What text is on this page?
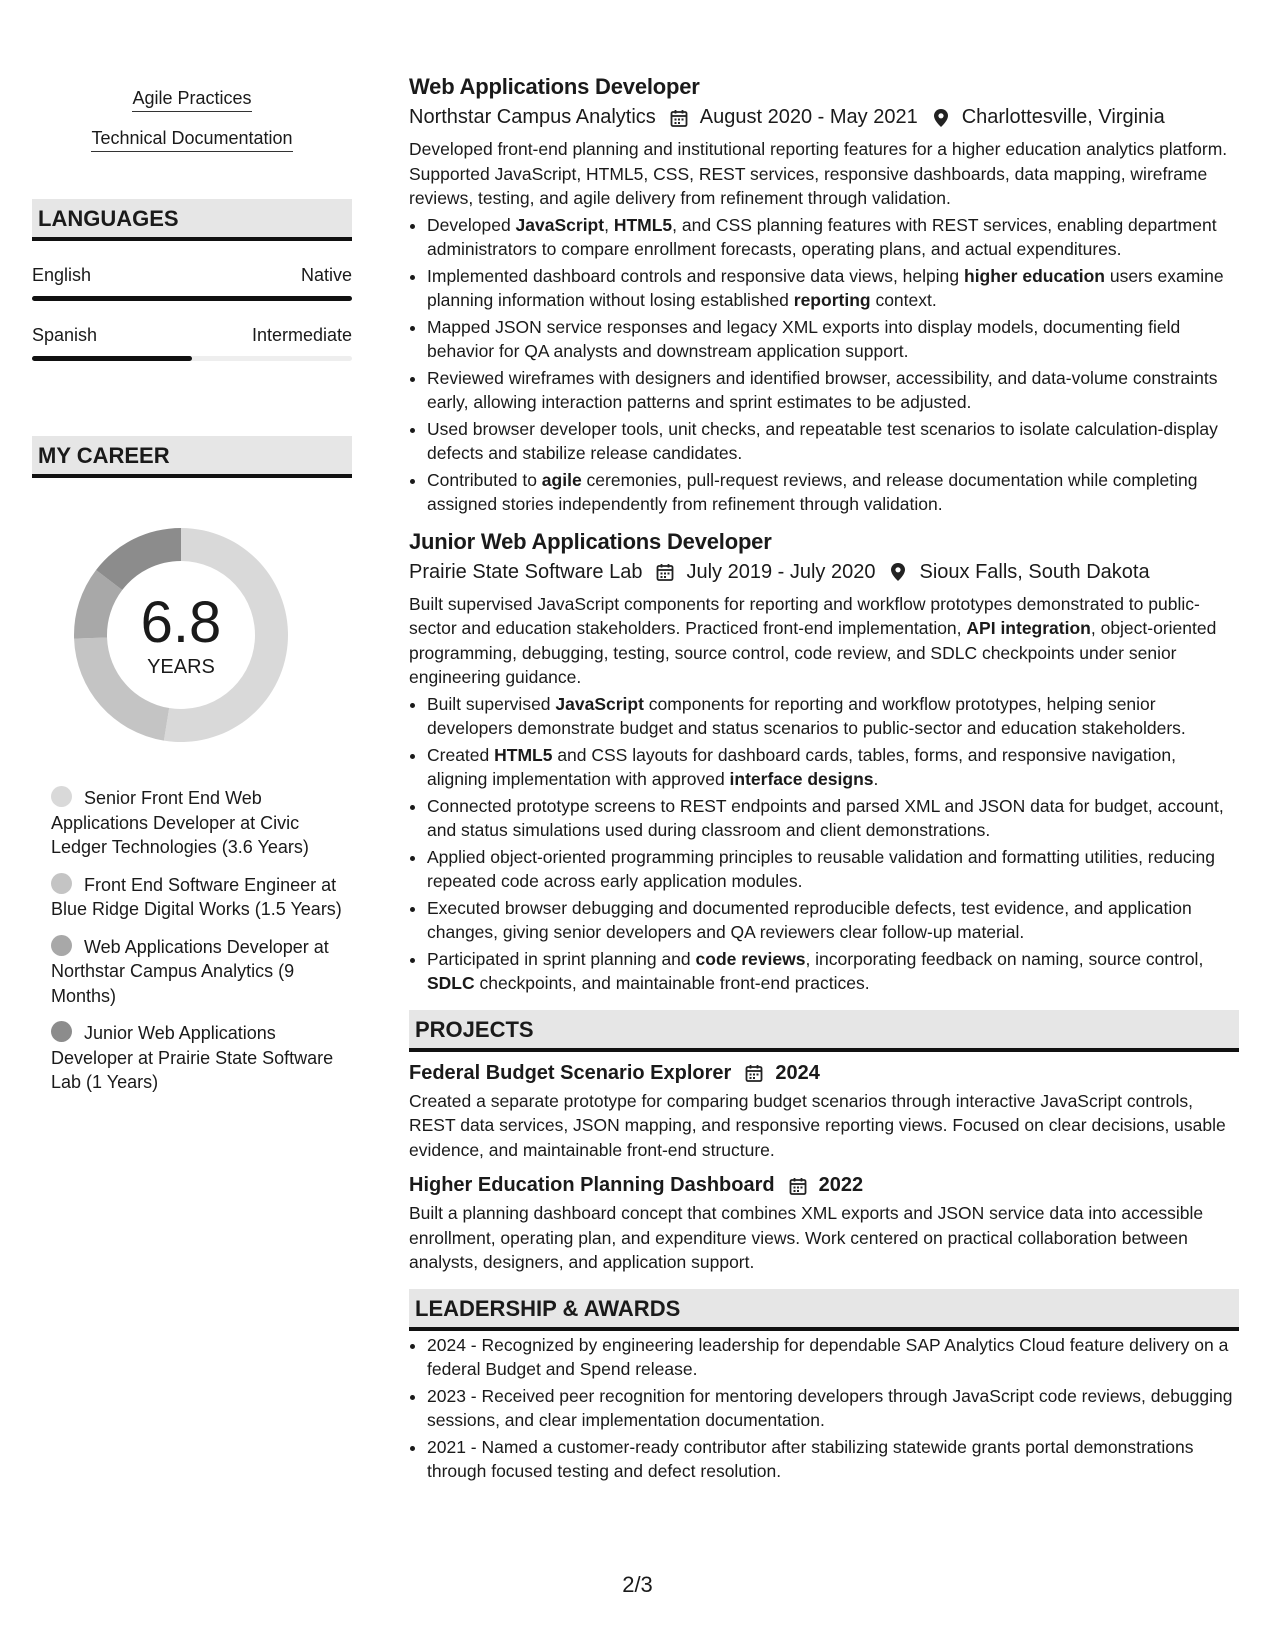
Agile Practices
Technical Documentation
LANGUAGES
English	Native
Spanish	Intermediate
MY CAREER
6.8
YEARS
Senior Front End Web Applications Developer at Civic Ledger Technologies (3.6 Years)
Front End Software Engineer at Blue Ridge Digital Works (1.5 Years)
Web Applications Developer at Northstar Campus Analytics (9 Months)
Junior Web Applications Developer at Prairie State Software Lab (1 Years)
Web Applications Developer
Northstar Campus Analytics August 2020 - May 2021 Charlottesville, Virginia
Developed front-end planning and institutional reporting features for a higher education analytics platform. Supported JavaScript, HTML5, CSS, REST services, responsive dashboards, data mapping, wireframe reviews, testing, and agile delivery from refinement through validation.
• Developed JavaScript, HTML5, and CSS planning features with REST services, enabling department administrators to compare enrollment forecasts, operating plans, and actual expenditures.
• Implemented dashboard controls and responsive data views, helping higher education users examine planning information without losing established reporting context.
• Mapped JSON service responses and legacy XML exports into display models, documenting field behavior for QA analysts and downstream application support.
• Reviewed wireframes with designers and identified browser, accessibility, and data-volume constraints early, allowing interaction patterns and sprint estimates to be adjusted.
• Used browser developer tools, unit checks, and repeatable test scenarios to isolate calculation-display defects and stabilize release candidates.
• Contributed to agile ceremonies, pull-request reviews, and release documentation while completing assigned stories independently from refinement through validation.
Junior Web Applications Developer
Prairie State Software Lab July 2019 - July 2020 Sioux Falls, South Dakota
Built supervised JavaScript components for reporting and workflow prototypes demonstrated to public-sector and education stakeholders. Practiced front-end implementation, API integration, object-oriented programming, debugging, testing, source control, code review, and SDLC checkpoints under senior engineering guidance.
• Built supervised JavaScript components for reporting and workflow prototypes, helping senior developers demonstrate budget and status scenarios to public-sector and education stakeholders.
• Created HTML5 and CSS layouts for dashboard cards, tables, forms, and responsive navigation, aligning implementation with approved interface designs.
• Connected prototype screens to REST endpoints and parsed XML and JSON data for budget, account, and status simulations used during classroom and client demonstrations.
• Applied object-oriented programming principles to reusable validation and formatting utilities, reducing repeated code across early application modules.
• Executed browser debugging and documented reproducible defects, test evidence, and application changes, giving senior developers and QA reviewers clear follow-up material.
• Participated in sprint planning and code reviews, incorporating feedback on naming, source control, SDLC checkpoints, and maintainable front-end practices.
PROJECTS
Federal Budget Scenario Explorer 2024
Created a separate prototype for comparing budget scenarios through interactive JavaScript controls, REST data services, JSON mapping, and responsive reporting views. Focused on clear decisions, usable evidence, and maintainable front-end structure.
Higher Education Planning Dashboard 2022
Built a planning dashboard concept that combines XML exports and JSON service data into accessible enrollment, operating plan, and expenditure views. Work centered on practical collaboration between analysts, designers, and application support.
LEADERSHIP & AWARDS
• 2024 - Recognized by engineering leadership for dependable SAP Analytics Cloud feature delivery on a federal Budget and Spend release.
• 2023 - Received peer recognition for mentoring developers through JavaScript code reviews, debugging sessions, and clear implementation documentation.
• 2021 - Named a customer-ready contributor after stabilizing statewide grants portal demonstrations through focused testing and defect resolution.
2/3
